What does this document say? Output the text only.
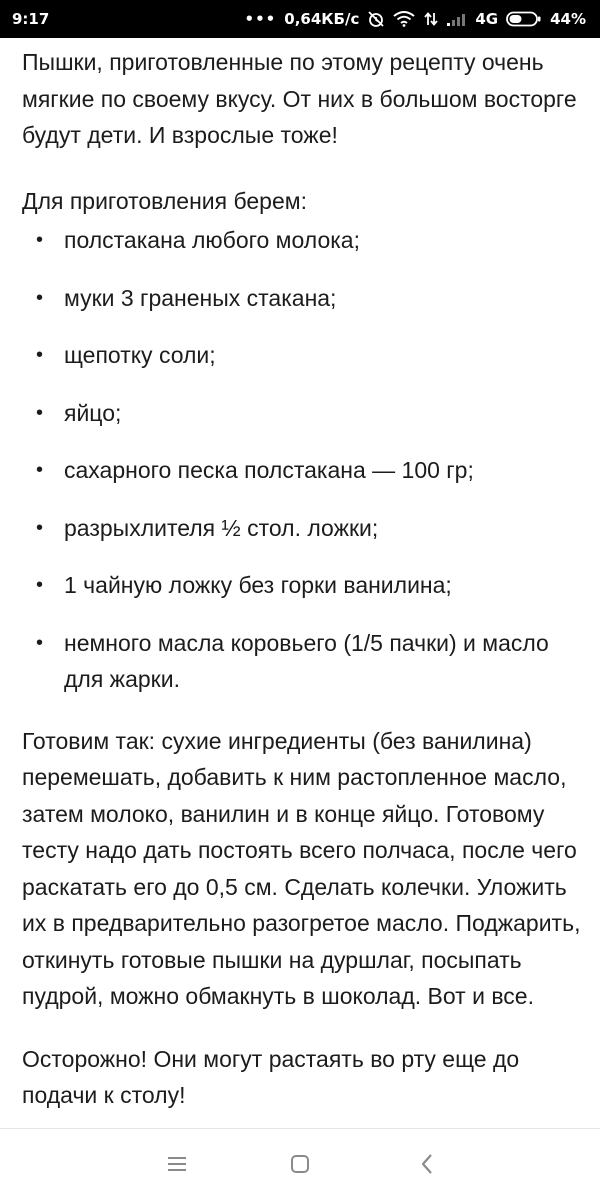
9:17	••• 0,64КБ/с	4G	44%

Пышки, приготовленные по этому рецепту очень мягкие по своему вкусу. От них в большом восторге будут дети. И взрослые тоже!

Для приготовления берем:

• полстакана любого молока;
• муки 3 граненых стакана;
• щепотку соли;
• яйцо;
• сахарного песка полстакана — 100 гр;
• разрыхлителя ½ стол. ложки;
• 1 чайную ложку без горки ванилина;
• немного масла коровьего (1/5 пачки) и масло для жарки.

Готовим так: сухие ингредиенты (без ванилина) перемешать, добавить к ним растопленное масло, затем молоко, ванилин и в конце яйцо. Готовому тесту надо дать постоять всего полчаса, после чего раскатать его до 0,5 см. Сделать колечки. Уложить их в предварительно разогретое масло. Поджарить, откинуть готовые пышки на дуршлаг, посыпать пудрой, можно обмакнуть в шоколад. Вот и все.

Осторожно! Они могут растаять во рту еще до подачи к столу!
